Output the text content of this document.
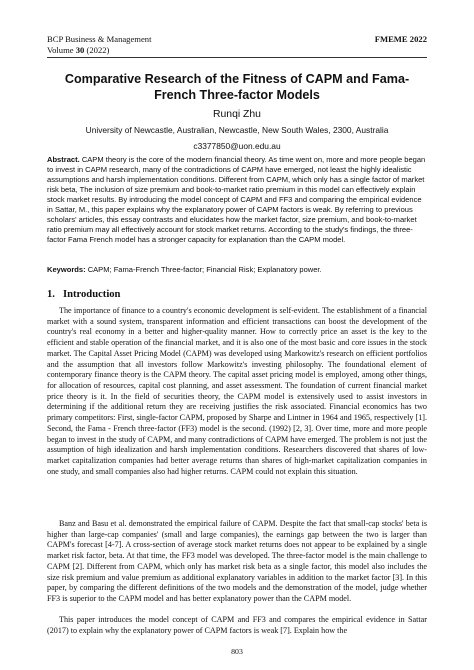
BCP Business & Management
Volume 30 (2022)
FMEME 2022
Comparative Research of the Fitness of CAPM and Fama-
French Three-factor Models
Runqi Zhu
University of Newcastle, Australian, Newcastle, New South Wales, 2300, Australia
c3377850@uon.edu.au
Abstract. CAPM theory is the core of the modern financial theory. As time went on, more and more people began to invest in CAPM research, many of the contradictions of CAPM have emerged, not least the highly idealistic assumptions and harsh implementation conditions. Different from CAPM, which only has a single factor of market risk beta, The inclusion of size premium and book-to-market ratio premium in this model can effectively explain stock market results. By introducing the model concept of CAPM and FF3 and comparing the empirical evidence in Sattar, M., this paper explains why the explanatory power of CAPM factors is weak. By referring to previous scholars' articles, this essay contrasts and elucidates how the market factor, size premium, and book-to-market ratio premium may all effectively account for stock market returns. According to the study's findings, the three-factor Fama French model has a stronger capacity for explanation than the CAPM model.
Keywords: CAPM; Fama-French Three-factor; Financial Risk; Explanatory power.
1. Introduction

The importance of finance to a country's economic development is self-evident. The establishment of a financial market with a sound system, transparent information and efficient transactions can boost the development of the country's real economy in a better and higher-quality manner. How to correctly price an asset is the key to the efficient and stable operation of the financial market, and it is also one of the most basic and core issues in the stock market. The Capital Asset Pricing Model (CAPM) was developed using Markowitz's research on efficient portfolios and the assumption that all investors follow Markowitz's investing philosophy. The foundational element of contemporary finance theory is the CAPM theory. The capital asset pricing model is employed, among other things, for allocation of resources, capital cost planning, and asset assessment. The foundation of current financial market price theory is it. In the field of securities theory, the CAPM model is extensively used to assist investors in determining if the additional return they are receiving justifies the risk associated. Financial economics has two primary competitors: First, single-factor CAPM, proposed by Sharpe and Lintner in 1964 and 1965, respectively [1]. Second, the Fama - French three-factor (FF3) model is the second. (1992) [2, 3]. Over time, more and more people began to invest in the study of CAPM, and many contradictions of CAPM have emerged. The problem is not just the assumption of high idealization and harsh implementation conditions. Researchers discovered that shares of low-market capitalization companies had better average returns than shares of high-market capitalization companies in one study, and small companies also had higher returns. CAPM could not explain this situation.

Banz and Basu et al. demonstrated the empirical failure of CAPM. Despite the fact that small-cap stocks' beta is higher than large-cap companies' (small and large companies), the earnings gap between the two is larger than CAPM's forecast [4-7]. A cross-section of average stock market returns does not appear to be explained by a single market risk factor, beta. At that time, the FF3 model was developed. The three-factor model is the main challenge to CAPM [2]. Different from CAPM, which only has market risk beta as a single factor, this model also includes the size risk premium and value premium as additional explanatory variables in addition to the market factor [3]. In this paper, by comparing the different definitions of the two models and the demonstration of the model, judge whether FF3 is superior to the CAPM model and has better explanatory power than the CAPM model.

This paper introduces the model concept of CAPM and FF3 and compares the empirical evidence in Sattar (2017) to explain why the explanatory power of CAPM factors is weak [7]. Explain how the

803
